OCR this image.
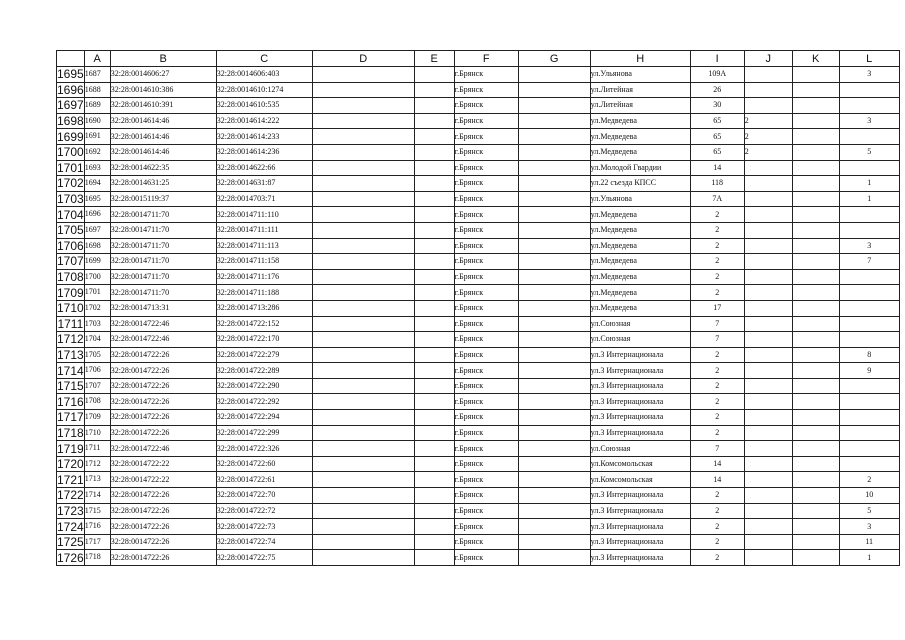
	A	B	C	D	E	F	G	H	I	J	K	L
1695	1687	32:28:0014606:27	32:28:0014606:403			г.Брянск		ул.Ульянова	109А			3
1696	1688	32:28:0014610:386	32:28:0014610:1274			г.Брянск		ул.Литейная	26			
1697	1689	32:28:0014610:391	32:28:0014610:535			г.Брянск		ул.Литейная	30			
1698	1690	32:28:0014614:46	32:28:0014614:222			г.Брянск		ул.Медведева	65	2		3
1699	1691	32:28:0014614:46	32:28:0014614:233			г.Брянск		ул.Медведева	65	2		
1700	1692	32:28:0014614:46	32:28:0014614:236			г.Брянск		ул.Медведева	65	2		5
1701	1693	32:28:0014622:35	32:28:0014622:66			г.Брянск		ул.Молодой Гвардии	14			
1702	1694	32:28:0014631:25	32:28:0014631:87			г.Брянск		ул.22 съезда КПСС	118			1
1703	1695	32:28:0015119:37	32:28:0014703:71			г.Брянск		ул.Ульянова	7А			1
1704	1696	32:28:0014711:70	32:28:0014711:110			г.Брянск		ул.Медведева	2			
1705	1697	32:28:0014711:70	32:28:0014711:111			г.Брянск		ул.Медведева	2			
1706	1698	32:28:0014711:70	32:28:0014711:113			г.Брянск		ул.Медведева	2			3
1707	1699	32:28:0014711:70	32:28:0014711:158			г.Брянск		ул.Медведева	2			7
1708	1700	32:28:0014711:70	32:28:0014711:176			г.Брянск		ул.Медведева	2			
1709	1701	32:28:0014711:70	32:28:0014711:188			г.Брянск		ул.Медведева	2			
1710	1702	32:28:0014713:31	32:28:0014713:286			г.Брянск		ул.Медведева	17			
1711	1703	32:28:0014722:46	32:28:0014722:152			г.Брянск		ул.Союзная	7			
1712	1704	32:28:0014722:46	32:28:0014722:170			г.Брянск		ул.Союзная	7			
1713	1705	32:28:0014722:26	32:28:0014722:279			г.Брянск		ул.3 Интернационала	2			8
1714	1706	32:28:0014722:26	32:28:0014722:289			г.Брянск		ул.3 Интернационала	2			9
1715	1707	32:28:0014722:26	32:28:0014722:290			г.Брянск		ул.3 Интернационала	2			
1716	1708	32:28:0014722:26	32:28:0014722:292			г.Брянск		ул.3 Интернационала	2			
1717	1709	32:28:0014722:26	32:28:0014722:294			г.Брянск		ул.3 Интернационала	2			
1718	1710	32:28:0014722:26	32:28:0014722:299			г.Брянск		ул.3 Интернационала	2			
1719	1711	32:28:0014722:46	32:28:0014722:326			г.Брянск		ул.Союзная	7			
1720	1712	32:28:0014722:22	32:28:0014722:60			г.Брянск		ул.Комсомольская	14			
1721	1713	32:28:0014722:22	32:28:0014722:61			г.Брянск		ул.Комсомольская	14			2
1722	1714	32:28:0014722:26	32:28:0014722:70			г.Брянск		ул.3 Интернационала	2			10
1723	1715	32:28:0014722:26	32:28:0014722:72			г.Брянск		ул.3 Интернационала	2			5
1724	1716	32:28:0014722:26	32:28:0014722:73			г.Брянск		ул.3 Интернационала	2			3
1725	1717	32:28:0014722:26	32:28:0014722:74			г.Брянск		ул.3 Интернационала	2			11
1726	1718	32:28:0014722:26	32:28:0014722:75			г.Брянск		ул.3 Интернационала	2			1
